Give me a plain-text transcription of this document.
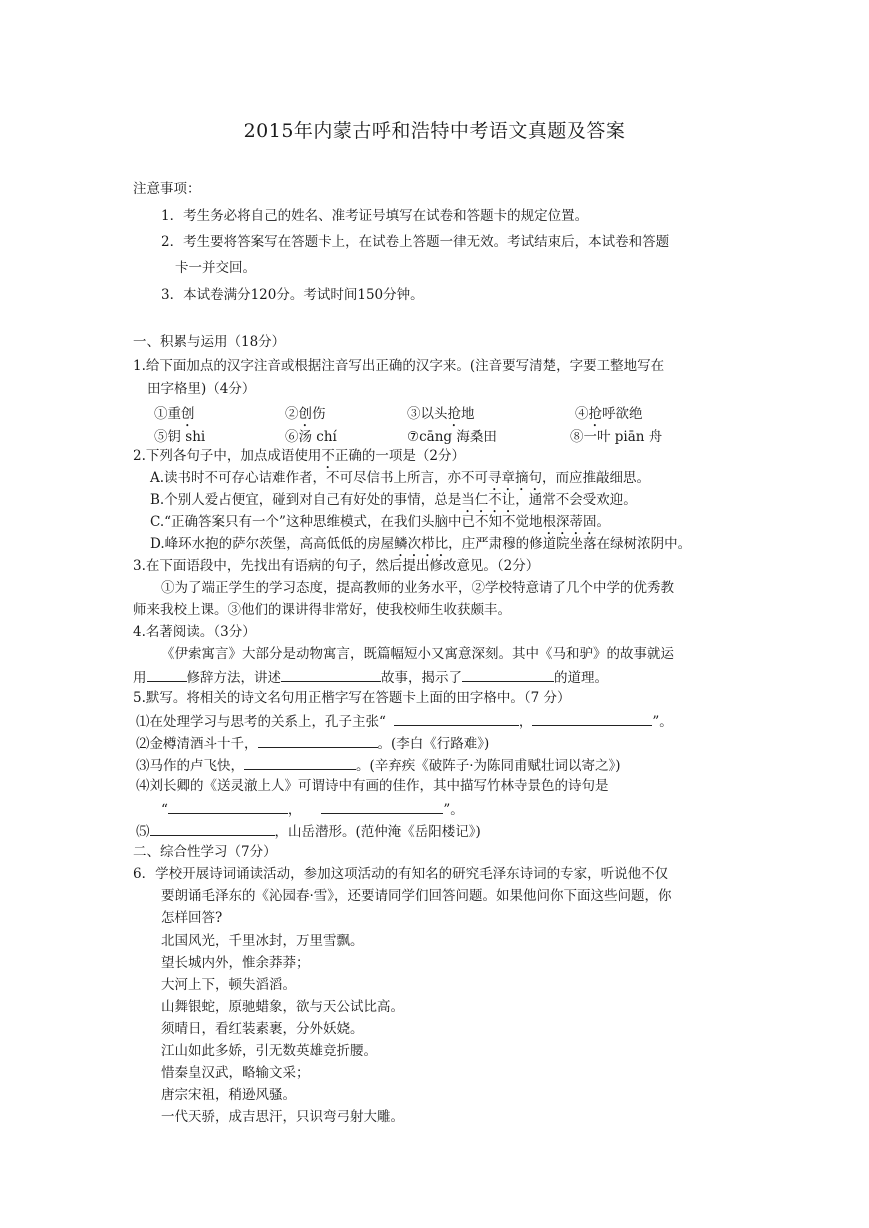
2015年内蒙古呼和浩特中考语文真题及答案
注意事项：
1．考生务必将自己的姓名、准考证号填写在试卷和答题卡的规定位置。
2．考生要将答案写在答题卡上，在试卷上答题一律无效。考试结束后，本试卷和答题
卡一并交回。
3．本试卷满分120分。考试时间150分钟。
一、积累与运用（18分）
1.给下面加点的汉字注音或根据注音写出正确的汉字来。(注音要写清楚，字要工整地写在
田字格里)（4分）
①重创	②创伤	③以头抢地	④抢呼欲绝
⑤钥 shi	⑥汤 chí	⑦cāng 海桑田	⑧一叶 piān 舟
2.下列各句子中，加点成语使用不正确的一项是（2分）
A.读书时不可存心诘难作者，不可尽信书上所言，亦不可寻章摘句，而应推敲细思。
B.个别人爱占便宜，碰到对自己有好处的事情，总是当仁不让，通常不会受欢迎。
C.“正确答案只有一个”这种思维模式，在我们头脑中已不知不觉地根深蒂固。
D.峰环水抱的萨尔茨堡，高高低低的房屋鳞次栉比，庄严肃穆的修道院坐落在绿树浓阴中。
3.在下面语段中，先找出有语病的句子，然后提出修改意见。（2分）
①为了端正学生的学习态度，提高教师的业务水平，②学校特意请了几个中学的优秀教
师来我校上课。③他们的课讲得非常好，使我校师生收获颇丰。
4.名著阅读。（3分）
《伊索寓言》大部分是动物寓言，既篇幅短小又寓意深刻。其中《马和驴》的故事就运
用	修辞方法，讲述	故事，揭示了	的道理。
5.默写。将相关的诗文名句用正楷字写在答题卡上面的田字格中。（7 分）
⑴在处理学习与思考的关系上，孔子主张“	，	”。
⑵金樽清酒斗十千，	。(李白《行路难》)
⑶马作的卢飞快，	。(辛弃疾《破阵子·为陈同甫赋壮词以寄之》)
⑷刘长卿的《送灵澈上人》可谓诗中有画的佳作，其中描写竹林寺景色的诗句是
“	，	”。
⑸	，山岳潜形。(范仲淹《岳阳楼记》)
二、综合性学习（7分）
6．学校开展诗词诵读活动，参加这项活动的有知名的研究毛泽东诗词的专家，听说他不仅
要朗诵毛泽东的《沁园春·雪》，还要请同学们回答问题。如果他问你下面这些问题，你
怎样回答?
北国风光，千里冰封，万里雪飘。
望长城内外，惟余莽莽；
大河上下，顿失滔滔。
山舞银蛇，原驰蜡象，欲与天公试比高。
须晴日，看红装素裹，分外妖娆。
江山如此多娇，引无数英雄竞折腰。
惜秦皇汉武，略输文采；
唐宗宋祖，稍逊风骚。
一代天骄，成吉思汗，只识弯弓射大雕。
